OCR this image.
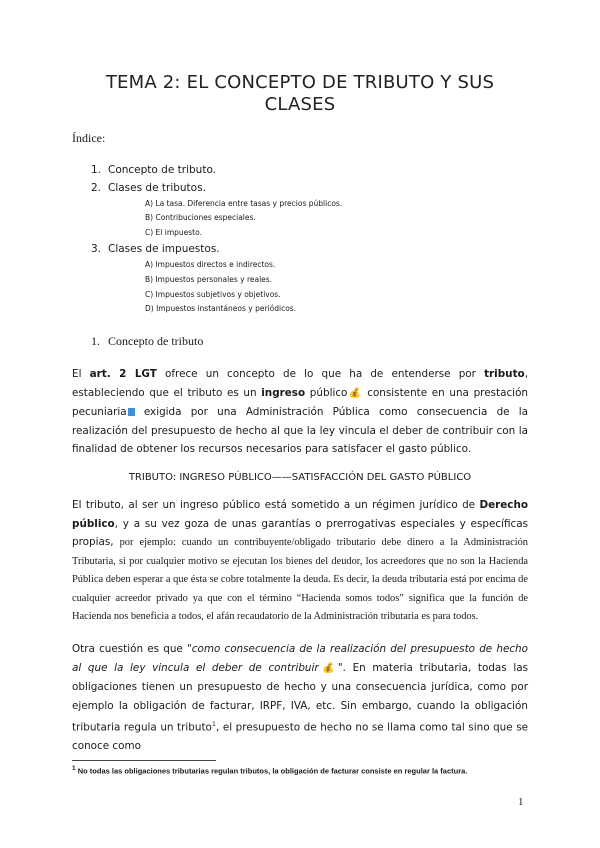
TEMA 2: EL CONCEPTO DE TRIBUTO Y SUS CLASES
Índice:
1. Concepto de tributo.
2. Clases de tributos.
A) La tasa. Diferencia entre tasas y precios públicos.
B) Contribuciones especiales.
C) El impuesto.
3. Clases de impuestos.
A) Impuestos directos e indirectos.
B) Impuestos personales y reales.
C) Impuestos subjetivos y objetivos.
D) Impuestos instantáneos y periódicos.
1. Concepto de tributo
El art. 2 LGT ofrece un concepto de lo que ha de entenderse por tributo, estableciendo que el tributo es un ingreso público💰 consistente en una prestación pecuniaria exigida por una Administración Pública como consecuencia de la realización del presupuesto de hecho al que la ley vincula el deber de contribuir con la finalidad de obtener los recursos necesarios para satisfacer el gasto público.
TRIBUTO: INGRESO PÚBLICO——SATISFACCIÓN DEL GASTO PÚBLICO
El tributo, al ser un ingreso público está sometido a un régimen jurídico de Derecho público, y a su vez goza de unas garantías o prerrogativas especiales y específicas propias, por ejemplo: cuando un contribuyente/obligado tributario debe dinero a la Administración Tributaria, si por cualquier motivo se ejecutan los bienes del deudor, los acreedores que no son la Hacienda Pública deben esperar a que ésta se cobre totalmente la deuda. Es decir, la deuda tributaria está por encima de cualquier acreedor privado ya que con el término “Hacienda somos todos” significa que la función de Hacienda nos beneficia a todos, el afán recaudatorio de la Administración tributaria es para todos.
Otra cuestión es que "como consecuencia de la realización del presupuesto de hecho al que la ley vincula el deber de contribuir💰". En materia tributaria, todas las obligaciones tienen un presupuesto de hecho y una consecuencia jurídica, como por ejemplo la obligación de facturar, IRPF, IVA, etc. Sin embargo, cuando la obligación tributaria regula un tributo$^1$, el presupuesto de hecho no se llama como tal sino que se conoce como
$^1$ No todas las obligaciones tributarias regulan tributos, la obligación de facturar consiste en regular la factura.
1
